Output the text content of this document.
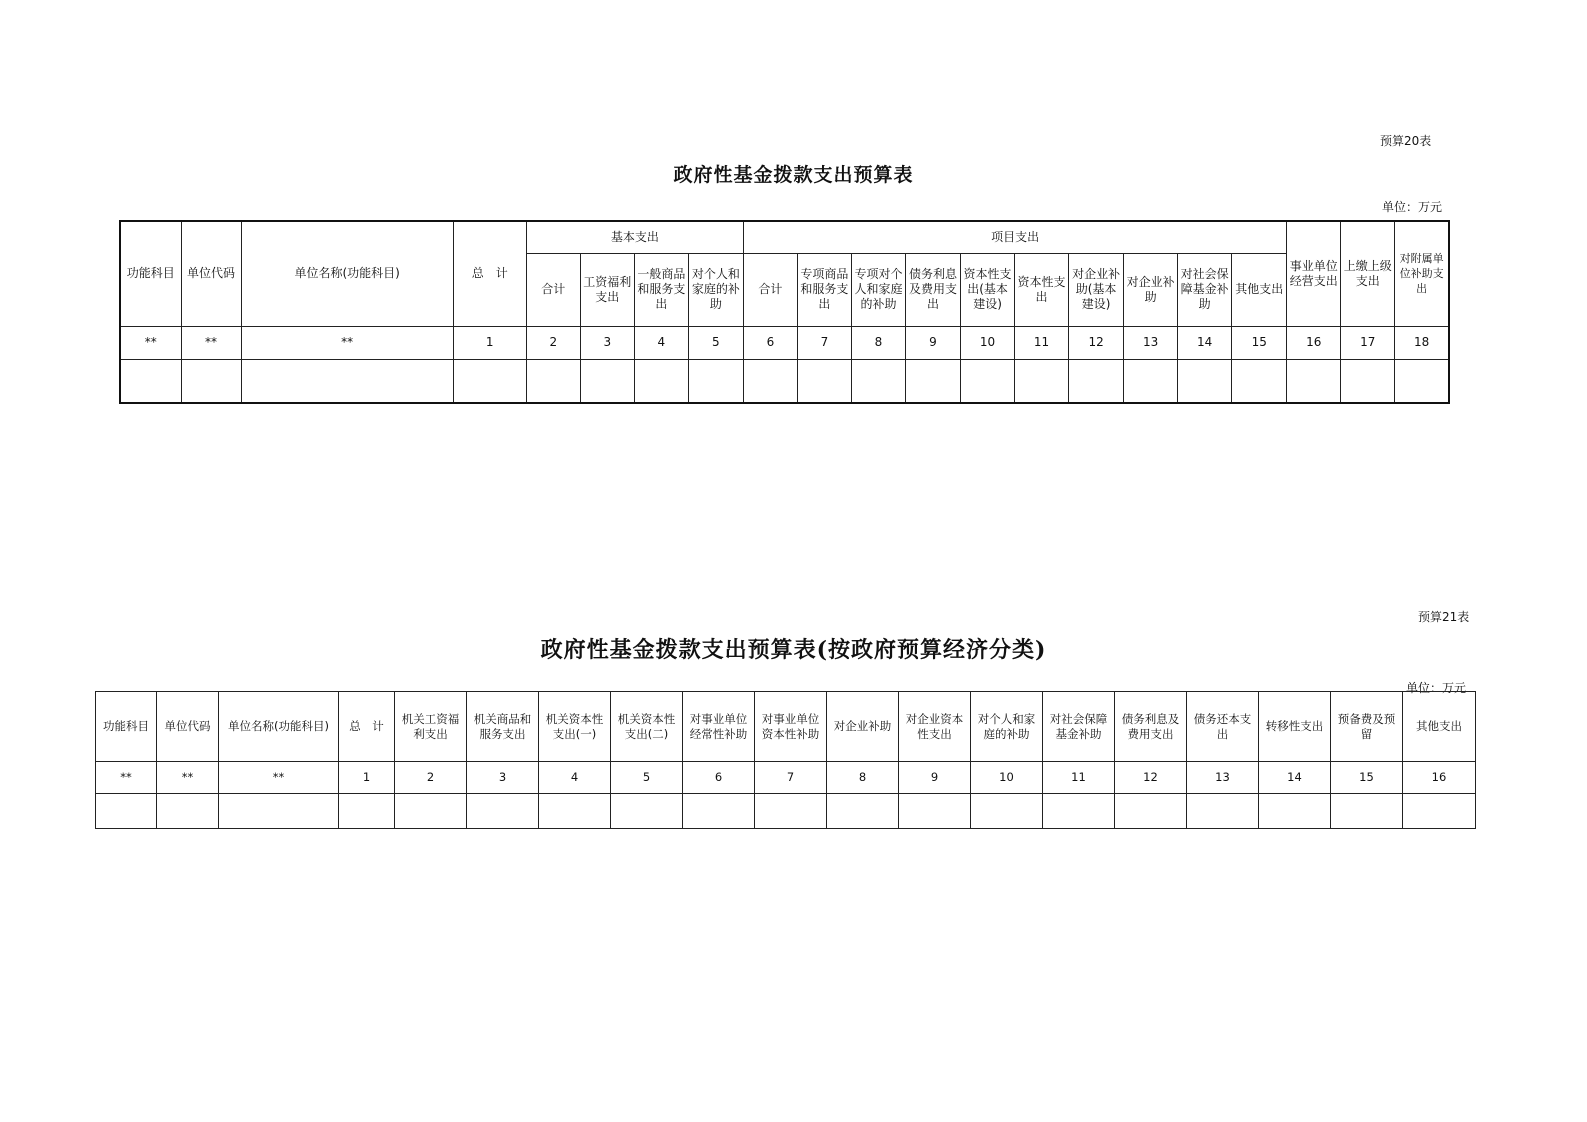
预算20表
政府性基金拨款支出预算表
单位：万元
功能科目	单位代码	单位名称(功能科目)	总　计	基本支出				项目支出										事业单位经营支出	上缴上级支出	对附属单位补助支出
				合计	工资福利支出	一般商品和服务支出	对个人和家庭的补助	合计	专项商品和服务支出	专项对个人和家庭的补助	债务利息及费用支出	资本性支出(基本建设)	资本性支出	对企业补助(基本建设)	对企业补助	对社会保障基金补助	其他支出			
**	**	**	1	2	3	4	5	6	7	8	9	10	11	12	13	14	15	16	17	18

预算21表
政府性基金拨款支出预算表(按政府预算经济分类)
单位：万元
功能科目	单位代码	单位名称(功能科目)	总　计	机关工资福利支出	机关商品和服务支出	机关资本性支出(一)	机关资本性支出(二)	对事业单位经常性补助	对事业单位资本性补助	对企业补助	对企业资本性支出	对个人和家庭的补助	对社会保障基金补助	债务利息及费用支出	债务还本支出	转移性支出	预备费及预留	其他支出
**	**	**	1	2	3	4	5	6	7	8	9	10	11	12	13	14	15	16
